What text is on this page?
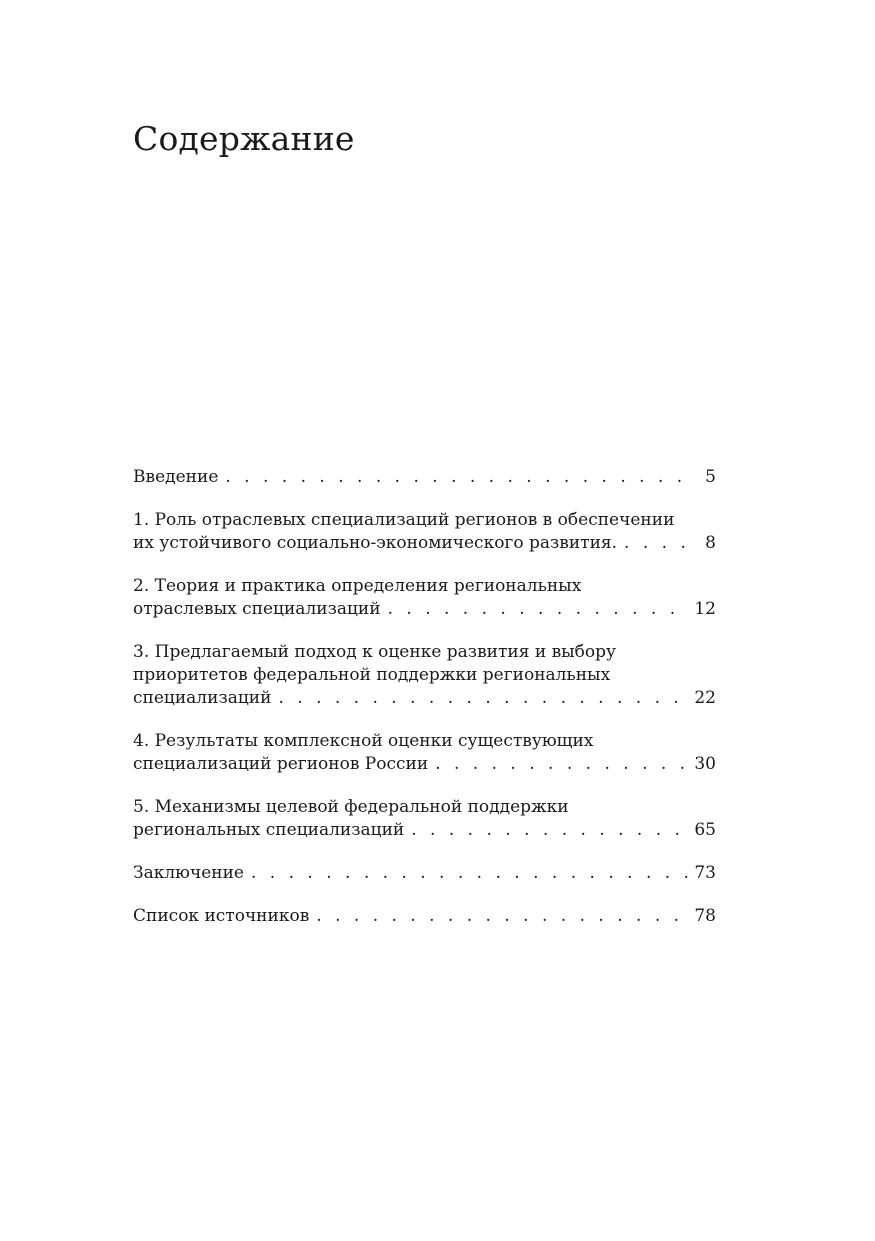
Содержание
Введение . . .	5
1. Роль отраслевых специализаций регионов в обеспечении
их устойчивого социально-экономического развития. . . .	8
2. Теория и практика определения региональных
отраслевых специализаций . . .	12
3. Предлагаемый подход к оценке развития и выбору
приоритетов федеральной поддержки региональных
специализаций . . .	22
4. Результаты комплексной оценки существующих
специализаций регионов России . . .	30
5. Механизмы целевой федеральной поддержки
региональных специализаций . . .	65
Заключение . . .	73
Список источников . . .	78
